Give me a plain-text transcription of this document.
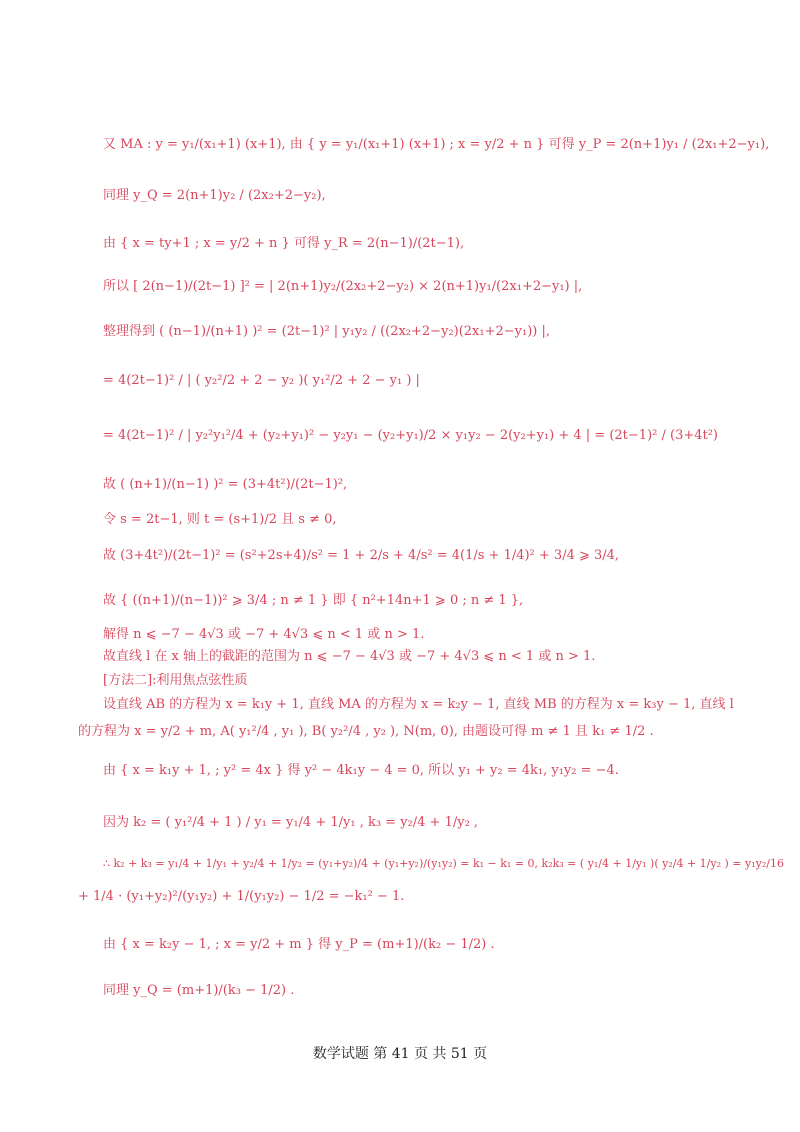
又 MA : y = y₁/(x₁+1) (x+1), 由 { y = y₁/(x₁+1) (x+1) ; x = y/2 + n } 可得 y_P = 2(n+1)y₁ / (2x₁+2−y₁),
同理 y_Q = 2(n+1)y₂ / (2x₂+2−y₂),
由 { x = ty+1 ; x = y/2 + n } 可得 y_R = 2(n−1)/(2t−1),
所以 [ 2(n−1)/(2t−1) ]² = | 2(n+1)y₂/(2x₂+2−y₂) × 2(n+1)y₁/(2x₁+2−y₁) |,
整理得到 ( (n−1)/(n+1) )² = (2t−1)² | y₁y₂ / ((2x₂+2−y₂)(2x₁+2−y₁)) |,
= 4(2t−1)² / | ( y₂²/2 + 2 − y₂ )( y₁²/2 + 2 − y₁ ) |
= 4(2t−1)² / | y₂²y₁²/4 + (y₂+y₁)² − y₂y₁ − (y₂+y₁)/2 × y₁y₂ − 2(y₂+y₁) + 4 | = (2t−1)² / (3+4t²)
故 ( (n+1)/(n−1) )² = (3+4t²)/(2t−1)²,
令 s = 2t−1, 则 t = (s+1)/2 且 s ≠ 0,
故 (3+4t²)/(2t−1)² = (s²+2s+4)/s² = 1 + 2/s + 4/s² = 4(1/s + 1/4)² + 3/4 ⩾ 3/4,
故 { ((n+1)/(n−1))² ⩾ 3/4 ; n ≠ 1 } 即 { n²+14n+1 ⩾ 0 ; n ≠ 1 },
解得 n ⩽ −7 − 4√3 或 −7 + 4√3 ⩽ n < 1 或 n > 1.
故直线 l 在 x 轴上的截距的范围为 n ⩽ −7 − 4√3 或 −7 + 4√3 ⩽ n < 1 或 n > 1.
[方法二]:利用焦点弦性质
设直线 AB 的方程为 x = k₁y + 1, 直线 MA 的方程为 x = k₂y − 1, 直线 MB 的方程为 x = k₃y − 1, 直线 l
的方程为 x = y/2 + m, A( y₁²/4 , y₁ ), B( y₂²/4 , y₂ ), N(m, 0), 由题设可得 m ≠ 1 且 k₁ ≠ 1/2 .
由 { x = k₁y + 1, ; y² = 4x } 得 y² − 4k₁y − 4 = 0, 所以 y₁ + y₂ = 4k₁, y₁y₂ = −4.
因为 k₂ = ( y₁²/4 + 1 ) / y₁ = y₁/4 + 1/y₁ , k₃ = y₂/4 + 1/y₂ ,
∴ k₂ + k₃ = y₁/4 + 1/y₁ + y₂/4 + 1/y₂ = (y₁+y₂)/4 + (y₁+y₂)/(y₁y₂) = k₁ − k₁ = 0, k₂k₃ = ( y₁/4 + 1/y₁ )( y₂/4 + 1/y₂ ) = y₁y₂/16
+ 1/4 · (y₁+y₂)²/(y₁y₂) + 1/(y₁y₂) − 1/2 = −k₁² − 1.
由 { x = k₂y − 1, ; x = y/2 + m } 得 y_P = (m+1)/(k₂ − 1/2) .
同理 y_Q = (m+1)/(k₃ − 1/2) .
数学试题 第 41 页 共 51 页
